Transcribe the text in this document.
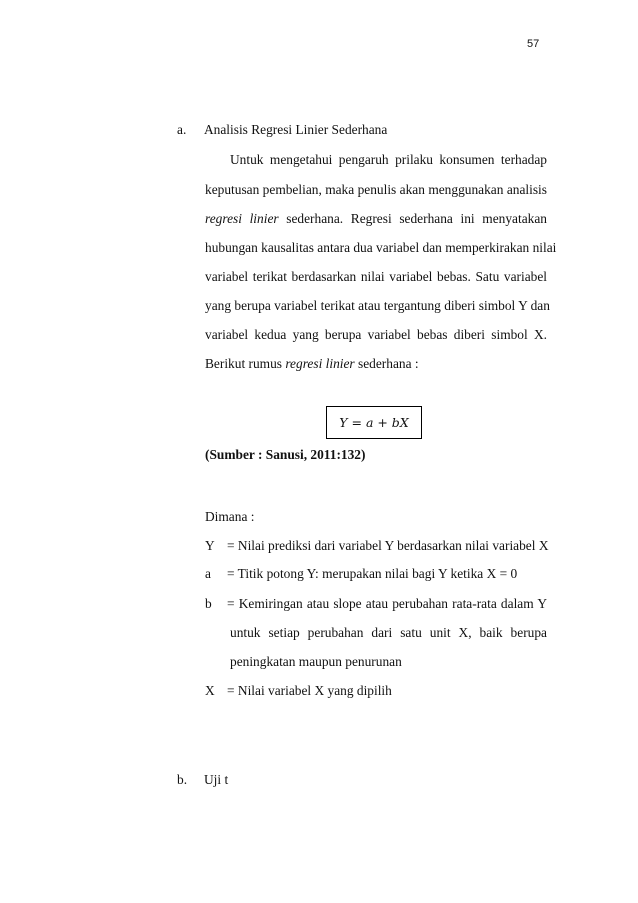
57
a. Analisis Regresi Linier Sederhana
Untuk mengetahui pengaruh prilaku konsumen terhadap
keputusan pembelian, maka penulis akan menggunakan analisis
regresi linier sederhana. Regresi sederhana ini menyatakan
hubungan kausalitas antara dua variabel dan memperkirakan nilai
variabel terikat berdasarkan nilai variabel bebas. Satu variabel
yang berupa variabel terikat atau tergantung diberi simbol Y dan
variabel kedua yang berupa variabel bebas diberi simbol X.
Berikut rumus regresi linier sederhana :
Y = a + bX
(Sumber : Sanusi, 2011:132)
Dimana :
Y = Nilai prediksi dari variabel Y berdasarkan nilai variabel X
a = Titik potong Y: merupakan nilai bagi Y ketika X = 0
b = Kemiringan atau slope atau perubahan rata-rata dalam Y
untuk setiap perubahan dari satu unit X, baik berupa
peningkatan maupun penurunan
X = Nilai variabel X yang dipilih
b. Uji t
